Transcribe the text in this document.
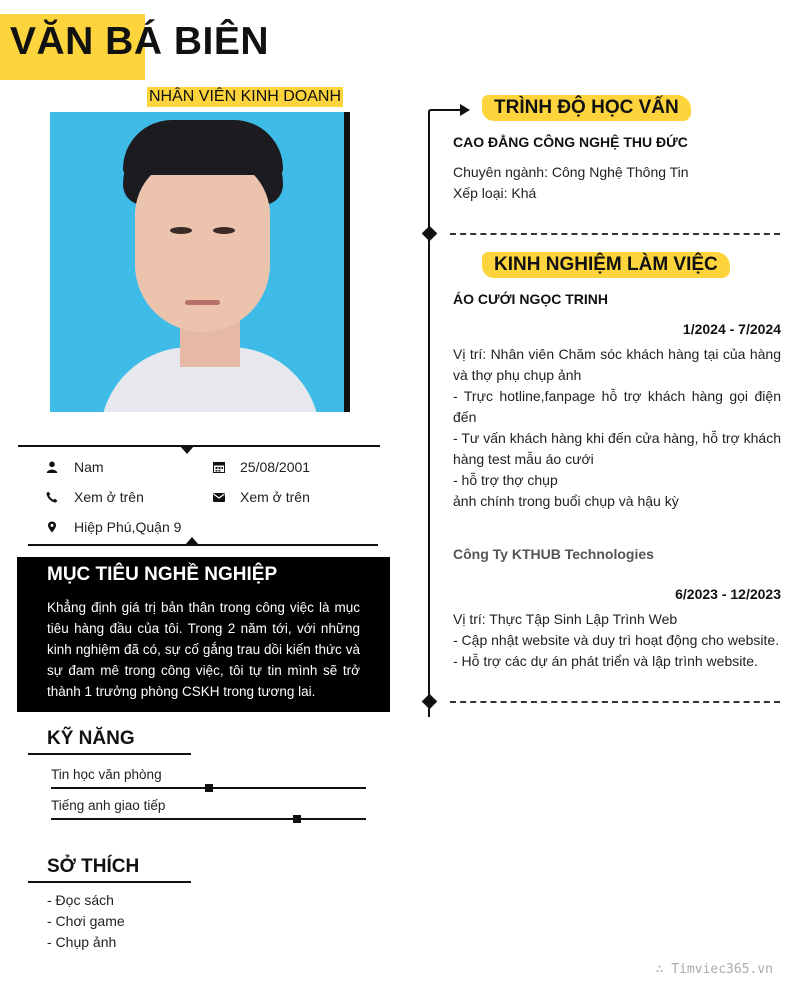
VĂN BÁ BIÊN
NHÂN VIÊN KINH DOANH
Nam	25/08/2001
Xem ở trên	Xem ở trên
Hiệp Phú,Quận 9
MỤC TIÊU NGHỀ NGHIỆP
Khẳng định giá trị bản thân trong công việc là mục tiêu hàng đầu của tôi. Trong 2 năm tới, với những kinh nghiệm đã có, sự cố gắng trau dồi kiến thức và sự đam mê trong công việc, tôi tự tin mình sẽ trở thành 1 trưởng phòng CSKH trong tương lai.
KỸ NĂNG
Tin học văn phòng
Tiếng anh giao tiếp
SỞ THÍCH
- Đọc sách
- Chơi game
- Chụp ảnh
TRÌNH ĐỘ HỌC VẤN
CAO ĐẲNG CÔNG NGHỆ THU ĐỨC
Chuyên ngành: Công Nghệ Thông Tin
Xếp loại: Khá
KINH NGHIỆM LÀM VIỆC
ÁO CƯỚI NGỌC TRINH
1/2024 - 7/2024
Vị trí: Nhân viên Chăm sóc khách hàng tại của hàng và thợ phụ chụp ảnh
- Trực hotline,fanpage hỗ trợ khách hàng gọi điện đến
- Tư vấn khách hàng khi đến cửa hàng, hỗ trợ khách hàng test mẫu áo cưới
- hỗ trợ thợ chụp
ảnh chính trong buổi chụp và hậu kỳ
Công Ty KTHUB Technologies
6/2023 - 12/2023
Vị trí: Thực Tập Sinh Lập Trình Web
- Cập nhật website và duy trì hoạt động cho website.
- Hỗ trợ các dự án phát triển và lập trình website.
∴ Timviec365.vn
